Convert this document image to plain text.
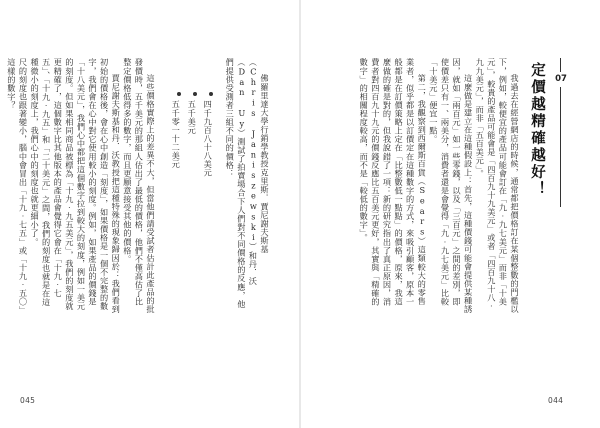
07
定價越精確越好！

我過去在經營網店的時候，通常都把價格訂在某個整數的門檻以下，例如，較便宜的產品可能會訂在「九‧九七美元」而非「十美元」，較貴的產品可能會是「四百九十九美元」或者「四百九十八‧九九美元」，而非「五百美元」。

這麼做是建立在這種假設上：首先，這種價錢可能會提供某種誘因，就如「兩百元」如一些零錢，以及「三百元」之間的差別，即使價差只有一、兩美分，消費者還是會覺得「九‧九七美元」比較「十美元」便宜一點。

第二，我觀察到西爾斯百貨（Sears）這類較大的零售業者，似乎都是以訂價定在這種數字的方式，來吸引顧客，原本一般都是在訂價策略上定在「比整數低一點點」的價格，原來，我這麼做的確是對的，但我說錯了一項：新的研究指出了真正原因，消費者對四百九十九元的價錢反應比五百美元更好，其實與「精確的數字」的相關程度較高，而不是「較低的數字」。

044

佛羅里達大學行銷學教授克里斯．賈尼謝夫斯基（Chris Janiszewski）和丹．沃（Dan Uy）測試了拍賣場合下人們對不同價格的反應，他們提供受測者三組不同的價格：

四千九百八十八美元
五千美元
五千零一十二美元

這些價格實際上的差異不大，但當他們請受試者估計此產品的批發價時，五千美元的那組人估出了最低的價格，他們不僅高估了比整定價格低得多的數字，而且更願意接受其他的價格。

賈尼謝夫斯基和丹．沃教授把這種特殊的現象歸因於：我們看到初始的價格後，會在心中創造「刻度」，如果價格是一個不完整的數字，我們會在心中對它使用較小的刻度。例如，如果產品的價錢是「十八美元」，我們心中都把這個數字拉到較大的刻度，例如一美元的刻度。但如果相同商品被標為「十九‧九五美元」，我們的刻度就更精確了，這個數字比其他版本的產品會覺得它會在「十九‧七五」、「十九‧九五」和「二十美元」之間，我們的刻度也就是在這種微小的刻度上，我們心中的刻度也就更細小了。

尺的刻度也跟著變小，腦中會冒出「十九‧七五」或「十九‧五〇」這樣的數字？

045
